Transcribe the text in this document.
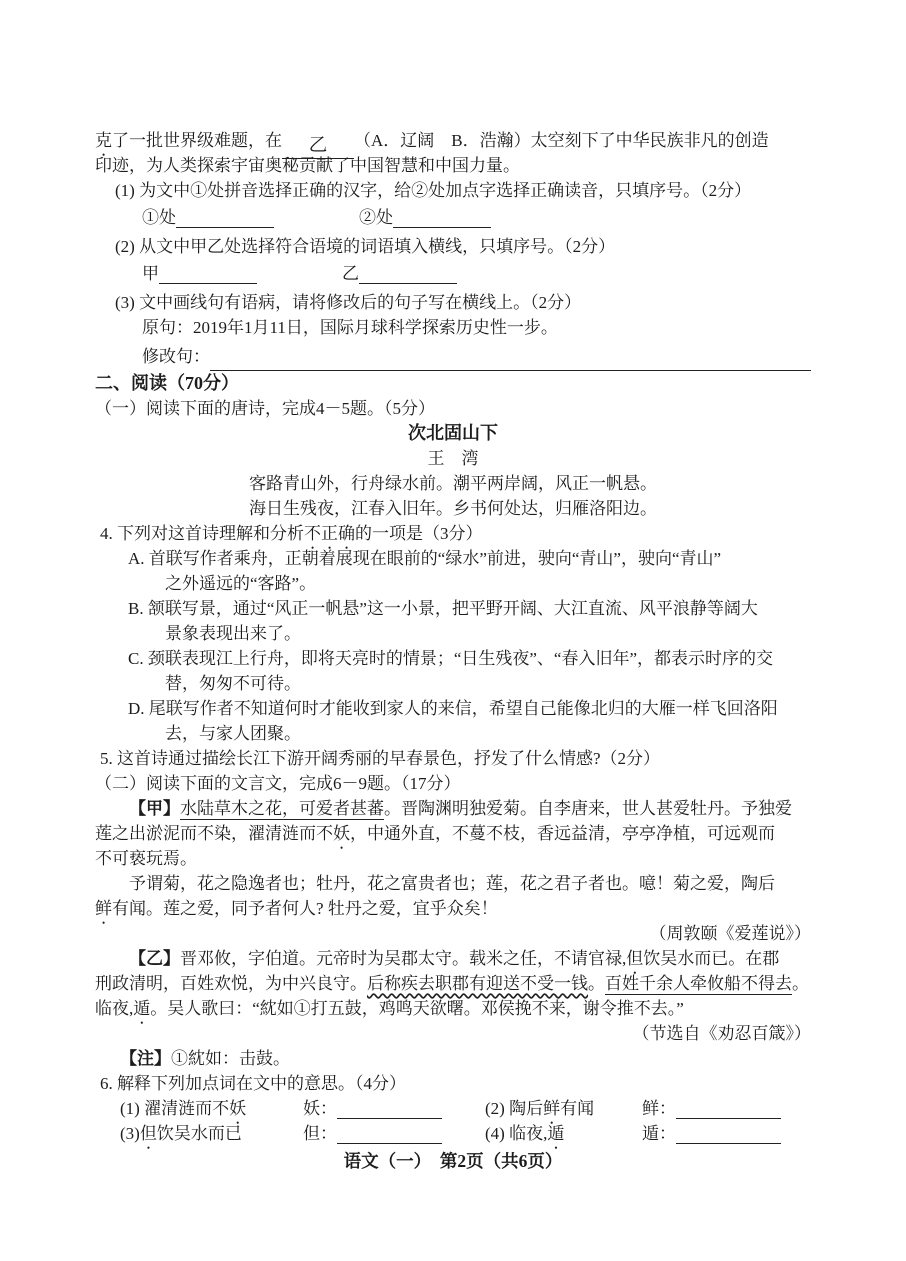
克了一批世界级难题，在 乙 （A．辽阔　B．浩瀚）太空刻下了中华民族非凡的创造
印迹，为人类探索宇宙奥秘贡献了中国智慧和中国力量。
(1) 为文中①处拼音选择正确的汉字，给②处加点字选择正确读音，只填序号。（2分）
①处	②处
(2) 从文中甲乙处选择符合语境的词语填入横线，只填序号。（2分）
甲	乙
(3) 文中画线句有语病，请将修改后的句子写在横线上。（2分）
原句：2019年1月11日，国际月球科学探索历史性一步。
修改句：
二、阅读（70分）
（一）阅读下面的唐诗，完成4－5题。（5分）
次北固山下
王　湾
客路青山外，行舟绿水前。潮平两岸阔，风正一帆悬。
海日生残夜，江春入旧年。乡书何处达，归雁洛阳边。
4. 下列对这首诗理解和分析不正确的一项是（3分）
A. 首联写作者乘舟，正朝着展现在眼前的“绿水”前进，驶向“青山”，驶向“青山”
之外遥远的“客路”。
B. 颔联写景，通过“风正一帆悬”这一小景，把平野开阔、大江直流、风平浪静等阔大
景象表现出来了。
C. 颈联表现江上行舟，即将天亮时的情景；“日生残夜”、“春入旧年”，都表示时序的交
替，匆匆不可待。
D. 尾联写作者不知道何时才能收到家人的来信，希望自己能像北归的大雁一样飞回洛阳
去，与家人团聚。
5. 这首诗通过描绘长江下游开阔秀丽的早春景色，抒发了什么情感?（2分）
（二）阅读下面的文言文，完成6－9题。（17分）
【甲】水陆草木之花，可爱者甚蕃。晋陶渊明独爱菊。自李唐来，世人甚爱牡丹。予独爱
莲之出淤泥而不染，濯清涟而不妖，中通外直，不蔓不枝，香远益清，亭亭净植，可远观而
不可亵玩焉。
予谓菊，花之隐逸者也；牡丹，花之富贵者也；莲，花之君子者也。噫！菊之爱，陶后
鲜有闻。莲之爱，同予者何人? 牡丹之爱，宜乎众矣！
（周敦颐《爱莲说》）
【乙】晋邓攸，字伯道。元帝时为吴郡太守。载米之任，不请官禄,但饮吴水而已。在郡
刑政清明，百姓欢悦，为中兴良守。后称疾去职郡有迎送不受一钱。百姓千余人牵攸船不得去。
临夜,遁。吴人歌曰：“紞如①打五鼓，鸡鸣天欲曙。邓侯挽不来，谢令推不去。”
（节选自《劝忍百箴》）
【注】①紞如：击鼓。
6. 解释下列加点词在文中的意思。（4分）
(1) 濯清涟而不妖	妖：	(2) 陶后鲜有闻	鲜：
(3)但饮吴水而已	但：	(4) 临夜,遁	遁：
语文（一）　第2页（共6页）
